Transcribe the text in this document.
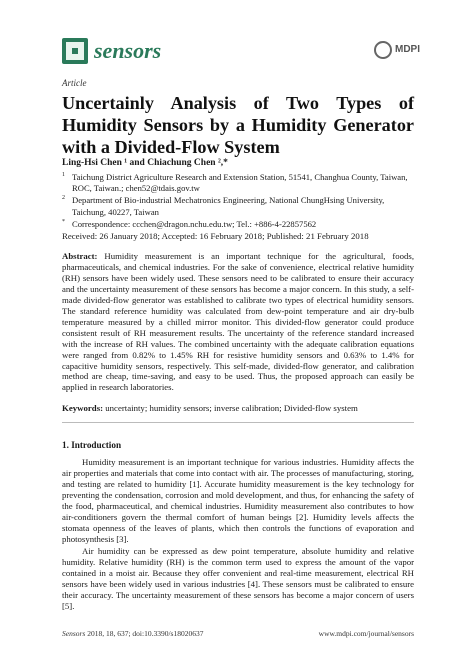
sensors	MDPI
Article
Uncertainly Analysis of Two Types of Humidity Sensors by a Humidity Generator with a Divided-Flow System
Ling-Hsi Chen ¹ and Chiachung Chen ²,*
1 Taichung District Agriculture Research and Extension Station, 51541, Changhua County, Taiwan, ROC, Taiwan.; chen52@tdais.gov.tw
2 Department of Bio-industrial Mechatronics Engineering, National ChungHsing University, Taichung, 40227, Taiwan
* Correspondence: ccchen@dragon.nchu.edu.tw; Tel.: +886-4-22857562
Received: 26 January 2018; Accepted: 16 February 2018; Published: 21 February 2018

Abstract: Humidity measurement is an important technique for the agricultural, foods, pharmaceuticals, and chemical industries. For the sake of convenience, electrical relative humidity (RH) sensors have been widely used. These sensors need to be calibrated to ensure their accuracy and the uncertainty measurement of these sensors has become a major concern. In this study, a self-made divided-flow generator was established to calibrate two types of electrical humidity sensors. The standard reference humidity was calculated from dew-point temperature and air dry-bulb temperature measured by a chilled mirror monitor. This divided-flow generator could produce consistent result of RH measurement results. The uncertainty of the reference standard increased with the increase of RH values. The combined uncertainty with the adequate calibration equations were ranged from 0.82% to 1.45% RH for resistive humidity sensors and 0.63% to 1.4% for capacitive humidity sensors, respectively. This self-made, divided-flow generator, and calibration method are cheap, time-saving, and easy to be used. Thus, the proposed approach can easily be applied in research laboratories.

Keywords: uncertainty; humidity sensors; inverse calibration; Divided-flow system
1. Introduction

Humidity measurement is an important technique for various industries. Humidity affects the air properties and materials that come into contact with air. The processes of manufacturing, storing, and testing are related to humidity [1]. Accurate humidity measurement is the key technology for preventing the condensation, corrosion and mold development, and thus, for enhancing the safety of the food, pharmaceutical, and chemical industries. Humidity measurement also contributes to how air-conditioners govern the thermal comfort of human beings [2]. Humidity levels affects the stomata openness of the leaves of plants, which then controls the functions of evaporation and photosynthesis [3].

Air humidity can be expressed as dew point temperature, absolute humidity and relative humidity. Relative humidity (RH) is the common term used to express the amount of the vapor contained in a moist air. Because they offer convenient and real-time measurement, electrical RH sensors have been widely used in various industries [4]. These sensors must be calibrated to ensure their accuracy. The uncertainty measurement of these sensors has become a major concern of users [5].

Sensors 2018, 18, 637; doi:10.3390/s18020637	www.mdpi.com/journal/sensors
